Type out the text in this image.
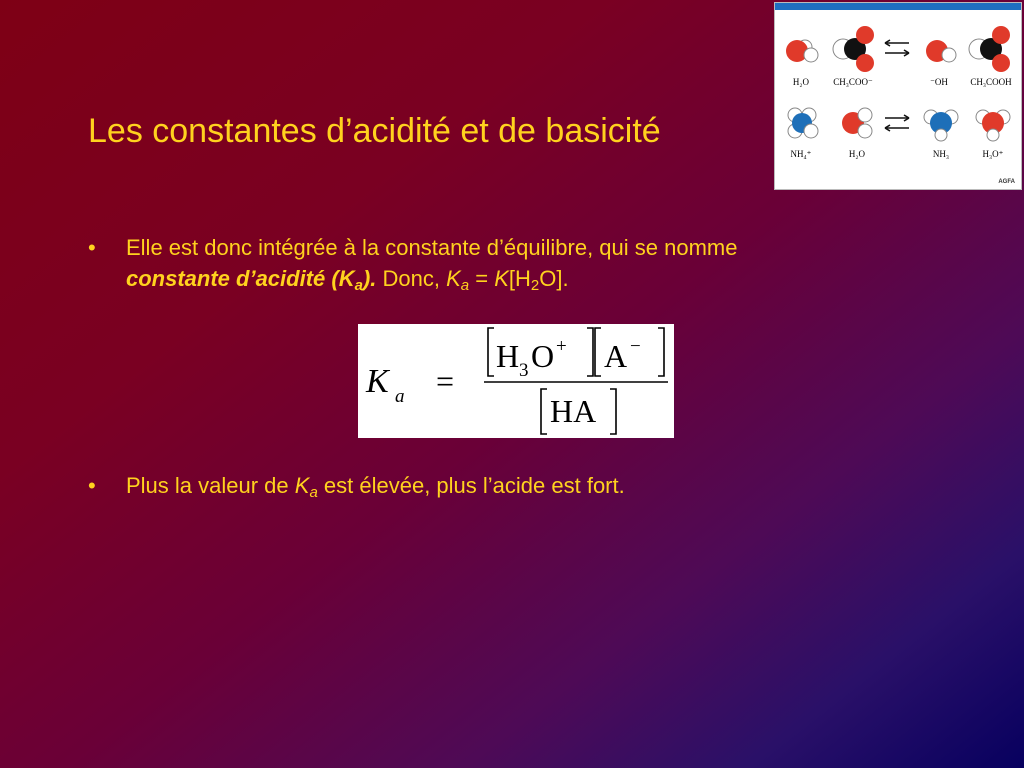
Les constantes d’acidité et de basicité
• Elle est donc intégrée à la constante d’équilibre, qui se nomme
constante d’acidité $(K_a)$. Donc, $K_a = K[H_2O]$.
K a =
H 3 O + A −
HA
• Plus la valeur de $K_a$ est élevée, plus l’acide est fort.
H₂O	CH₃COO⁻	⁻OH	CH₃COOH
NH₄⁺	H₂O	NH₃	H₃O⁺
AGFA
